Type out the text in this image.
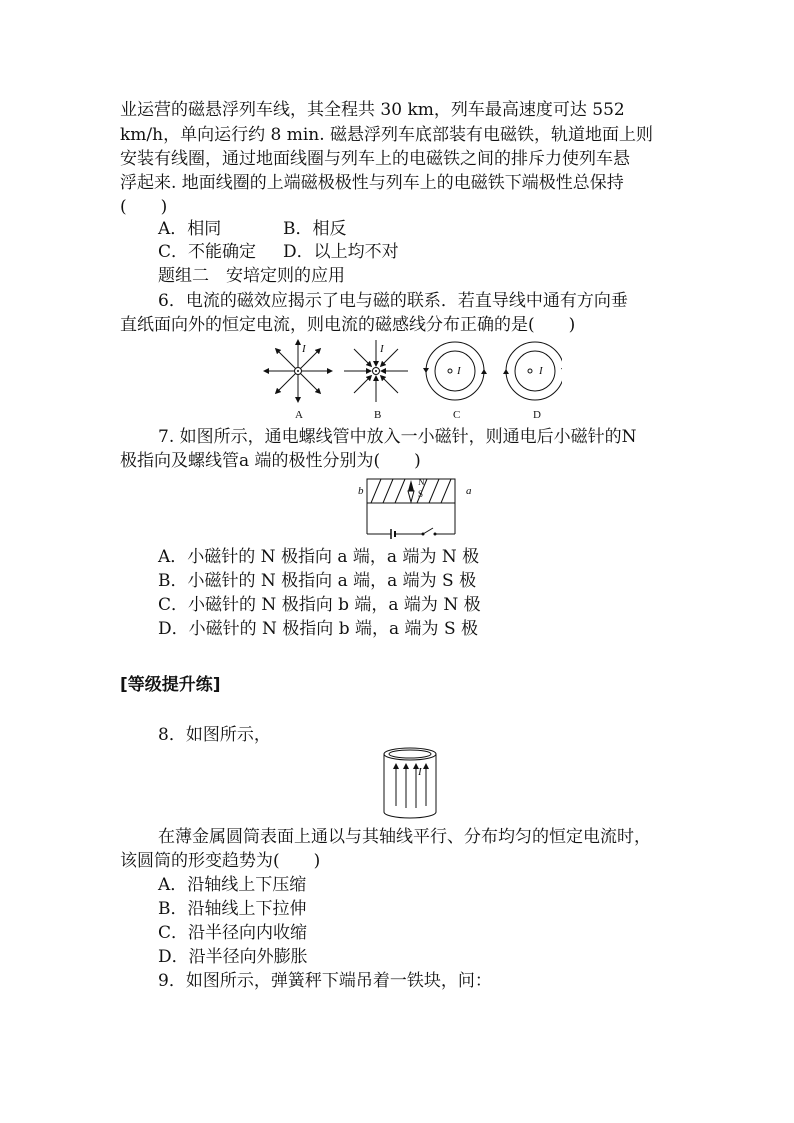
业运营的磁悬浮列车线，其全程共 30 km，列车最高速度可达 552
km/h，单向运行约 8 min. 磁悬浮列车底部装有电磁铁，轨道地面上则
安装有线圈，通过地面线圈与列车上的电磁铁之间的排斥力使列车悬
浮起来. 地面线圈的上端磁极极性与列车上的电磁铁下端极性总保持
(　　)
A．相同	B．相反
C．不能确定 D．以上均不对
题组二　安培定则的应用
6．电流的磁效应揭示了电与磁的联系．若直导线中通有方向垂
直纸面向外的恒定电流，则电流的磁感线分布正确的是(　　)
I	I
I	I
A	B	C	D
7. 如图所示，通电螺线管中放入一小磁针，则通电后小磁针的N
极指向及螺线管a 端的极性分别为(　　)
b	a
N
S
A．小磁针的 N 极指向 a 端，a 端为 N 极
B．小磁针的 N 极指向 a 端，a 端为 S 极
C．小磁针的 N 极指向 b 端，a 端为 N 极
D．小磁针的 N 极指向 b 端，a 端为 S 极
[等级提升练]
8．如图所示，
I
在薄金属圆筒表面上通以与其轴线平行、分布均匀的恒定电流时，
该圆筒的形变趋势为(　　)
A．沿轴线上下压缩
B．沿轴线上下拉伸
C．沿半径向内收缩
D．沿半径向外膨胀
9．如图所示，弹簧秤下端吊着一铁块，问：
